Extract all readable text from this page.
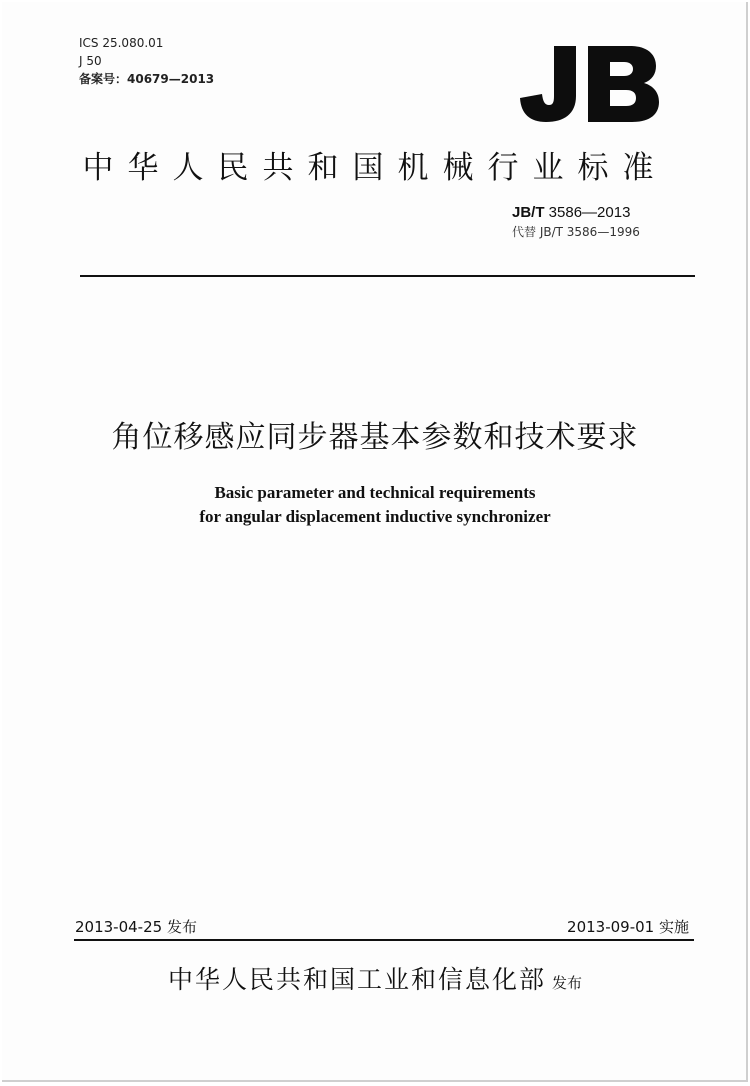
ICS 25.080.01
J 50
备案号：40679—2013
中华人民共和国机械行业标准
JB/T 3586—2013
代替 JB/T 3586—1996
角位移感应同步器基本参数和技术要求
Basic parameter and technical requirements
for angular displacement inductive synchronizer
2013-04-25 发布	2013-09-01 实施
中华人民共和国工业和信息化部 发布
